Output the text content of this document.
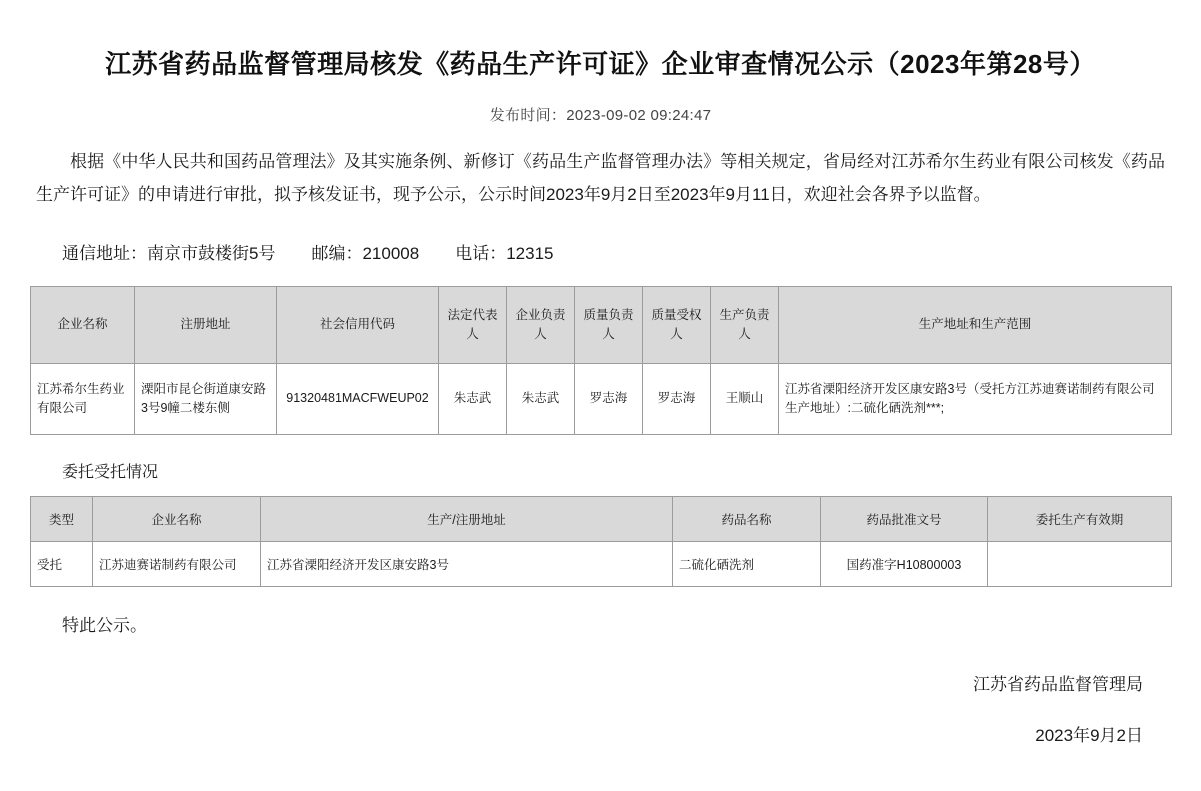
江苏省药品监督管理局核发《药品生产许可证》企业审查情况公示（2023年第28号）
发布时间：2023-09-02 09:24:47

根据《中华人民共和国药品管理法》及其实施条例、新修订《药品生产监督管理办法》等相关规定，省局经对江苏希尔生药业有限公司核发《药品生产许可证》的申请进行审批，拟予核发证书，现予公示，公示时间2023年9月2日至2023年9月11日，欢迎社会各界予以监督。

通信地址：南京市鼓楼街5号 邮编：210008 电话：12315
企业名称	注册地址	社会信用代码	法定代表人	企业负责人	质量负责人	质量受权人	生产负责人	生产地址和生产范围
江苏希尔生药业有限公司	溧阳市昆仑街道康安路3号9幢二楼东侧	91320481MACFWEUP02	朱志武	朱志武	罗志海	罗志海	王顺山	江苏省溧阳经济开发区康安路3号（受托方江苏迪赛诺制药有限公司生产地址）:二硫化硒洗剂***;
委托受托情况
类型	企业名称	生产/注册地址	药品名称	药品批准文号	委托生产有效期
受托	江苏迪赛诺制药有限公司	江苏省溧阳经济开发区康安路3号	二硫化硒洗剂	国药准字H10800003	
特此公示。
江苏省药品监督管理局
2023年9月2日
